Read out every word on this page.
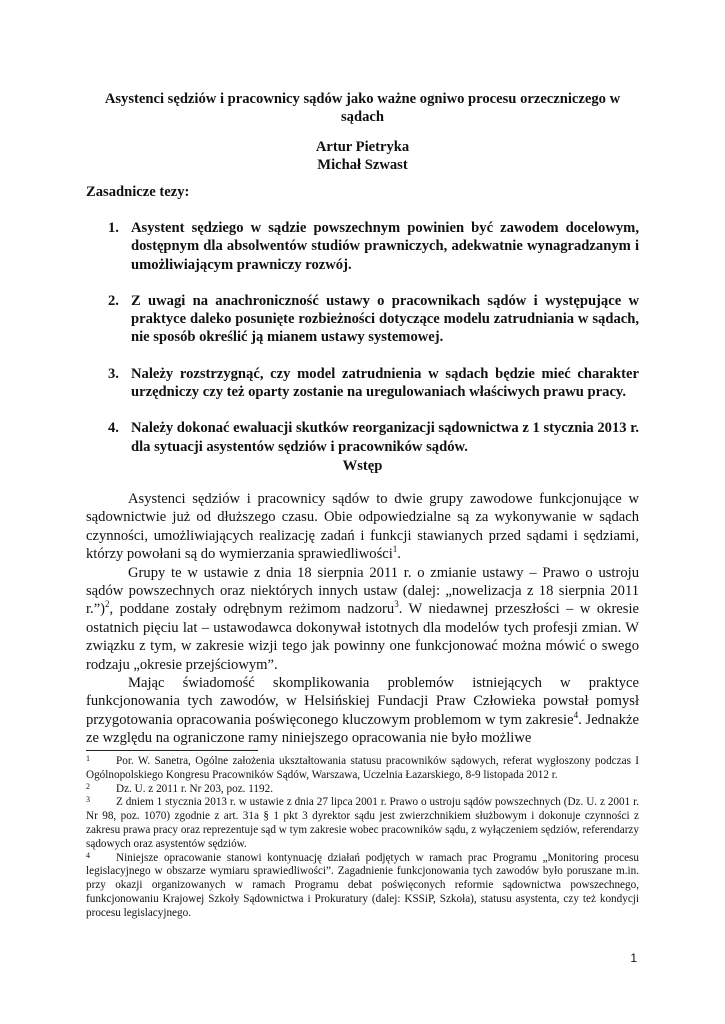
Asystenci sędziów i pracownicy sądów jako ważne ogniwo procesu orzeczniczego w sądach
Artur Pietryka
Michał Szwast
Zasadnicze tezy:
1. Asystent sędziego w sądzie powszechnym powinien być zawodem docelowym, dostępnym dla absolwentów studiów prawniczych, adekwatnie wynagradzanym i umożliwiającym prawniczy rozwój.
2. Z uwagi na anachroniczność ustawy o pracownikach sądów i występujące w praktyce daleko posunięte rozbieżności dotyczące modelu zatrudniania w sądach, nie sposób określić ją mianem ustawy systemowej.
3. Należy rozstrzygnąć, czy model zatrudnienia w sądach będzie mieć charakter urzędniczy czy też oparty zostanie na uregulowaniach właściwych prawu pracy.
4. Należy dokonać ewaluacji skutków reorganizacji sądownictwa z 1 stycznia 2013 r. dla sytuacji asystentów sędziów i pracowników sądów.
Wstęp

Asystenci sędziów i pracownicy sądów to dwie grupy zawodowe funkcjonujące w sądownictwie już od dłuższego czasu. Obie odpowiedzialne są za wykonywanie w sądach czynności, umożliwiających realizację zadań i funkcji stawianych przed sądami i sędziami, którzy powołani są do wymierzania sprawiedliwości$^1$.

Grupy te w ustawie z dnia 18 sierpnia 2011 r. o zmianie ustawy – Prawo o ustroju sądów powszechnych oraz niektórych innych ustaw (dalej: „nowelizacja z 18 sierpnia 2011 r.”)$^2$, poddane zostały odrębnym reżimom nadzoru$^3$. W niedawnej przeszłości – w okresie ostatnich pięciu lat – ustawodawca dokonywał istotnych dla modelów tych profesji zmian. W związku z tym, w zakresie wizji tego jak powinny one funkcjonować można mówić o swego rodzaju „okresie przejściowym”.

Mając świadomość skomplikowania problemów istniejących w praktyce funkcjonowania tych zawodów, w Helsińskiej Fundacji Praw Człowieka powstał pomysł przygotowania opracowania poświęconego kluczowym problemom w tym zakresie$^4$. Jednakże ze względu na ograniczone ramy niniejszego opracowania nie było możliwe

1	Por. W. Sanetra, Ogólne założenia ukształtowania statusu pracowników sądowych, referat wygłoszony podczas I Ogólnopolskiego Kongresu Pracowników Sądów, Warszawa, Uczelnia Łazarskiego, 8-9 listopada 2012 r.
2	Dz. U. z 2011 r. Nr 203, poz. 1192.
3	Z dniem 1 stycznia 2013 r. w ustawie z dnia 27 lipca 2001 r. Prawo o ustroju sądów powszechnych (Dz. U. z 2001 r. Nr 98, poz. 1070) zgodnie z art. 31a § 1 pkt 3 dyrektor sądu jest zwierzchnikiem służbowym i dokonuje czynności z zakresu prawa pracy oraz reprezentuje sąd w tym zakresie wobec pracowników sądu, z wyłączeniem sędziów, referendarzy sądowych oraz asystentów sędziów.
4	Niniejsze opracowanie stanowi kontynuację działań podjętych w ramach prac Programu „Monitoring procesu legislacyjnego w obszarze wymiaru sprawiedliwości”. Zagadnienie funkcjonowania tych zawodów było poruszane m.in. przy okazji organizowanych w ramach Programu debat poświęconych reformie sądownictwa powszechnego, funkcjonowaniu Krajowej Szkoły Sądownictwa i Prokuratury (dalej: KSSiP, Szkoła), statusu asystenta, czy też kondycji procesu legislacyjnego.
1
